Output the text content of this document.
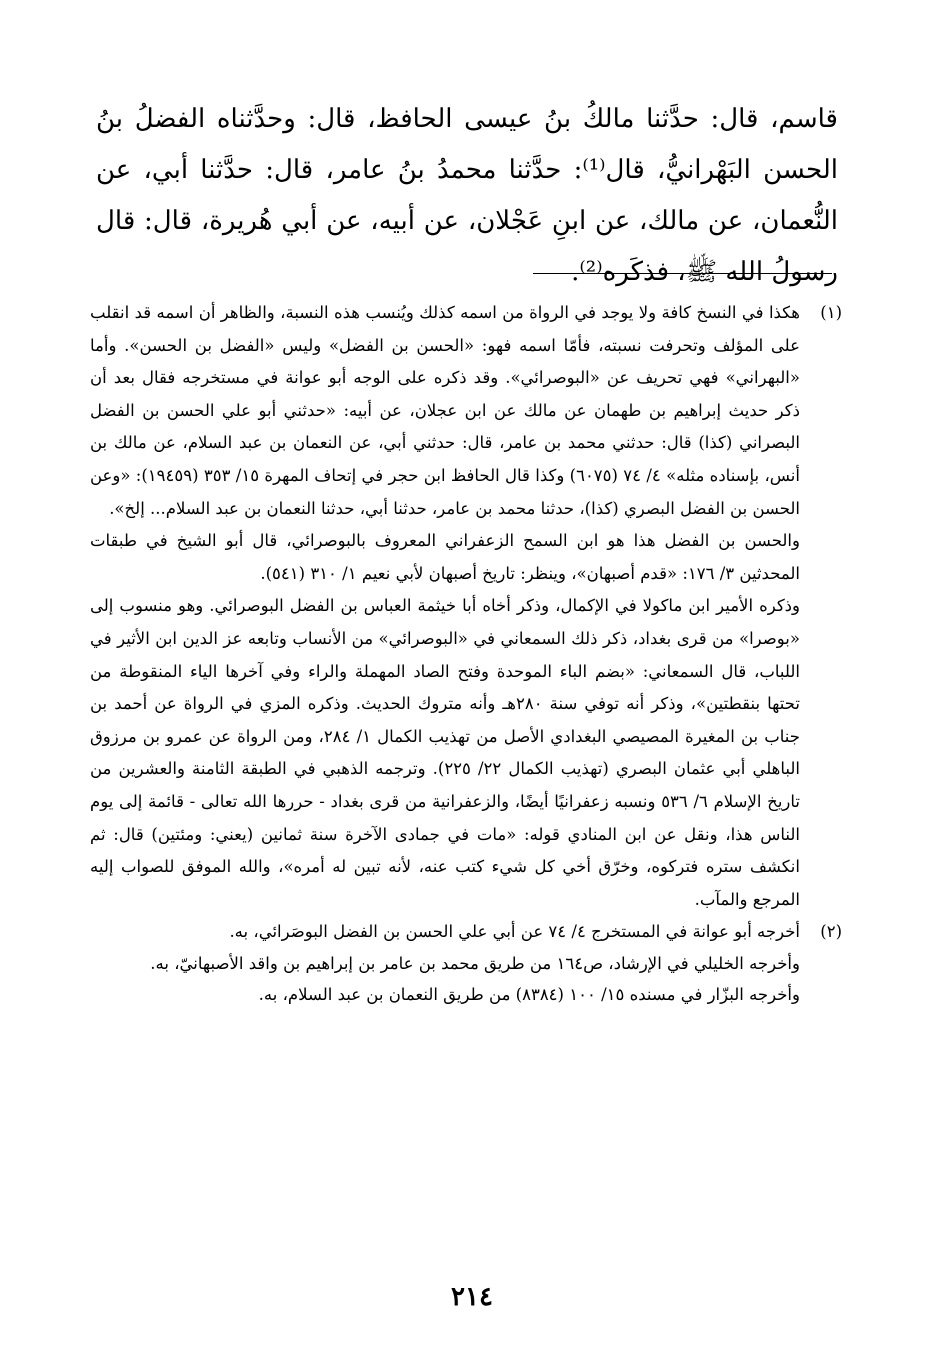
قاسم، قال: حدَّثنا مالكُ بنُ عيسى الحافظ، قال: وحدَّثناه الفضلُ بنُ الحسن البَهْرانيُّ، قال⁽¹⁾: حدَّثنا محمدُ بنُ عامر، قال: حدَّثنا أبي، عن النُّعمان، عن مالك، عن ابنِ عَجْلان، عن أبيه، عن أبي هُريرة، قال: قال رسولُ الله ﷺ، فذكَره⁽²⁾.

(١)

هكذا في النسخ كافة ولا يوجد في الرواة من اسمه كذلك ويُنسب هذه النسبة، والظاهر أن اسمه قد انقلب على المؤلف وتحرفت نسبته، فأمّا اسمه فهو: «الحسن بن الفضل» وليس «الفضل بن الحسن». وأما «البهراني» فهي تحريف عن «البوصرائي». وقد ذكره على الوجه أبو عوانة في مستخرجه فقال بعد أن ذكر حديث إبراهيم بن طهمان عن مالك عن ابن عجلان، عن أبيه: «حدثني أبو علي الحسن بن الفضل البصراني (كذا) قال: حدثني محمد بن عامر، قال: حدثني أبي، عن النعمان بن عبد السلام، عن مالك بن أنس، بإسناده مثله» ٤/ ٧٤ (٦٠٧٥) وكذا قال الحافظ ابن حجر في إتحاف المهرة ١٥/ ٣٥٣ (١٩٤٥٩): «وعن الحسن بن الفضل البصري (كذا)، حدثنا محمد بن عامر، حدثنا أبي، حدثنا النعمان بن عبد السلام... إلخ».

والحسن بن الفضل هذا هو ابن السمح الزعفراني المعروف بالبوصرائي، قال أبو الشيخ في طبقات المحدثين ٣/ ١٧٦: «قدم أصبهان»، وينظر: تاريخ أصبهان لأبي نعيم ١/ ٣١٠ (٥٤١).

وذكره الأمير ابن ماكولا في الإكمال، وذكر أخاه أبا خيثمة العباس بن الفضل البوصرائي. وهو منسوب إلى «بوصرا» من قرى بغداد، ذكر ذلك السمعاني في «البوصرائي» من الأنساب وتابعه عز الدين ابن الأثير في اللباب، قال السمعاني: «بضم الباء الموحدة وفتح الصاد المهملة والراء وفي آخرها الياء المنقوطة من تحتها بنقطتين»، وذكر أنه توفي سنة ٢٨٠هـ وأنه متروك الحديث. وذكره المزي في الرواة عن أحمد بن جناب بن المغيرة المصيصي البغدادي الأصل من تهذيب الكمال ١/ ٢٨٤، ومن الرواة عن عمرو بن مرزوق الباهلي أبي عثمان البصري (تهذيب الكمال ٢٢/ ٢٢٥). وترجمه الذهبي في الطبقة الثامنة والعشرين من تاريخ الإسلام ٦/ ٥٣٦ ونسبه زعفرانيًا أيضًا، والزعفرانية من قرى بغداد - حررها الله تعالى - قائمة إلى يوم الناس هذا، ونقل عن ابن المنادي قوله: «مات في جمادى الآخرة سنة ثمانين (يعني: ومئتين) قال: ثم انكشف ستره فتركوه، وخرّق أخي كل شيء كتب عنه، لأنه تبين له أمره»، والله الموفق للصواب إليه المرجع والمآب.

(٢)

أخرجه أبو عوانة في المستخرج ٤/ ٧٤ عن أبي علي الحسن بن الفضل البوصَرائي، به.

وأخرجه الخليلي في الإرشاد، ص١٦٤ من طريق محمد بن عامر بن إبراهيم بن واقد الأصبهانيّ، به.

وأخرجه البزّار في مسنده ١٥/ ١٠٠ (٨٣٨٤) من طريق النعمان بن عبد السلام، به.

٢١٤
